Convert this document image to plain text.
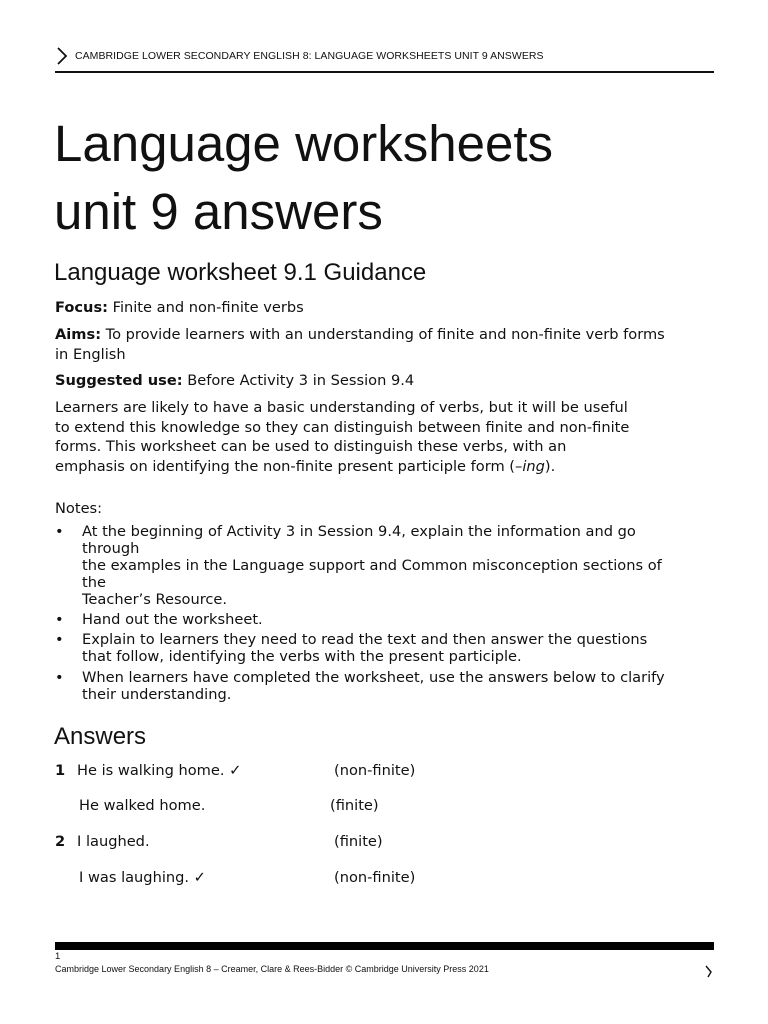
CAMBRIDGE LOWER SECONDARY ENGLISH 8: LANGUAGE WORKSHEETS UNIT 9 ANSWERS
Language worksheets
unit 9 answers
Language worksheet 9.1 Guidance
Focus: Finite and non-finite verbs
Aims: To provide learners with an understanding of finite and non-finite verb forms in English
Suggested use: Before Activity 3 in Session 9.4
Learners are likely to have a basic understanding of verbs, but it will be useful
to extend this knowledge so they can distinguish between finite and non-finite
forms. This worksheet can be used to distinguish these verbs, with an
emphasis on identifying the non-finite present participle form (–ing).
Notes:
• At the beginning of Activity 3 in Session 9.4, explain the information and go
through
the examples in the Language support and Common misconception sections of
the
Teacher’s Resource.
• Hand out the worksheet.
• Explain to learners they need to read the text and then answer the questions
that follow, identifying the verbs with the present participle.
• When learners have completed the worksheet, use the answers below to clarify
their understanding.
Answers
1 He is walking home. ✓	(non-finite)
He walked home.	(finite)
2 I laughed.	(finite)
I was laughing. ✓	(non-finite)
1
Cambridge Lower Secondary English 8 – Creamer, Clare & Rees-Bidder © Cambridge University Press 2021
